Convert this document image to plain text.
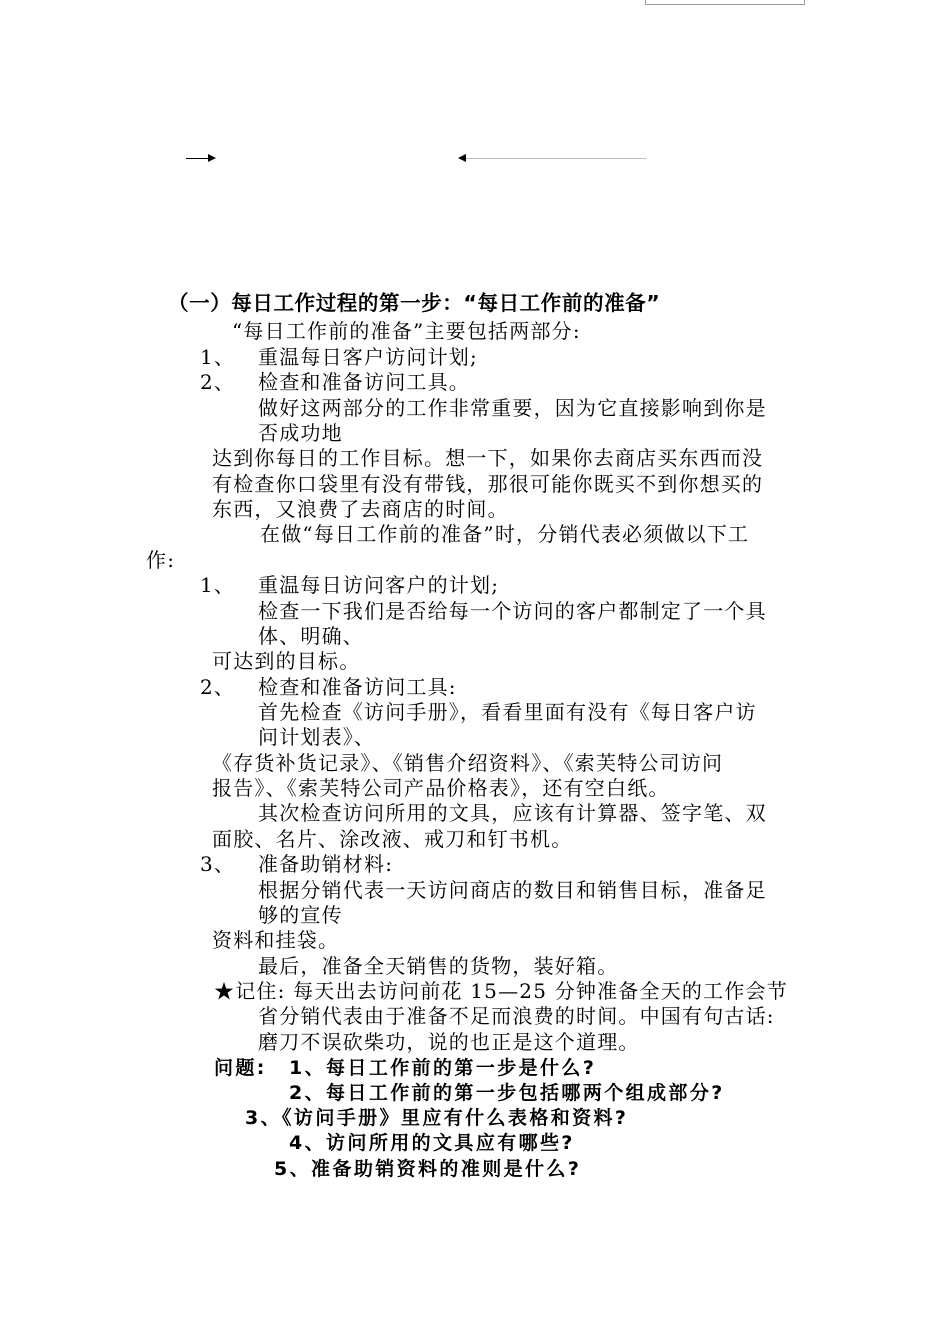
（一）每日工作过程的第一步：“每日工作前的准备”
“每日工作前的准备”主要包括两部分:
1、 重温每日客户访问计划;
2、 检查和准备访问工具。
做好这两部分的工作非常重要，因为它直接影响到你是
否成功地
达到你每日的工作目标。想一下，如果你去商店买东西而没
有检查你口袋里有没有带钱，那很可能你既买不到你想买的
东西，又浪费了去商店的时间。
在做“每日工作前的准备”时，分销代表必须做以下工
作:
1、 重温每日访问客户的计划;
检查一下我们是否给每一个访问的客户都制定了一个具
体、明确、
可达到的目标。
2、 检查和准备访问工具:
首先检查《访问手册》，看看里面有没有《每日客户访
问计划表》、
《存货补货记录》、《销售介绍资料》、《索芙特公司访问
报告》、《索芙特公司产品价格表》，还有空白纸。
其次检查访问所用的文具，应该有计算器、签字笔、双
面胶、名片、涂改液、戒刀和钉书机。
3、 准备助销材料:
根据分销代表一天访问商店的数目和销售目标，准备足
够的宣传
资料和挂袋。
最后，准备全天销售的货物，装好箱。
★记住: 每天出去访问前花 15—25 分钟准备全天的工作会节
省分销代表由于准备不足而浪费的时间。中国有句古话:
磨刀不误砍柴功，说的也正是这个道理。
问题: 1、每日工作前的第一步是什么?
2、每日工作前的第一步包括哪两个组成部分?
3、《访问手册》里应有什么表格和资料?
4、访问所用的文具应有哪些?
5、准备助销资料的准则是什么?
